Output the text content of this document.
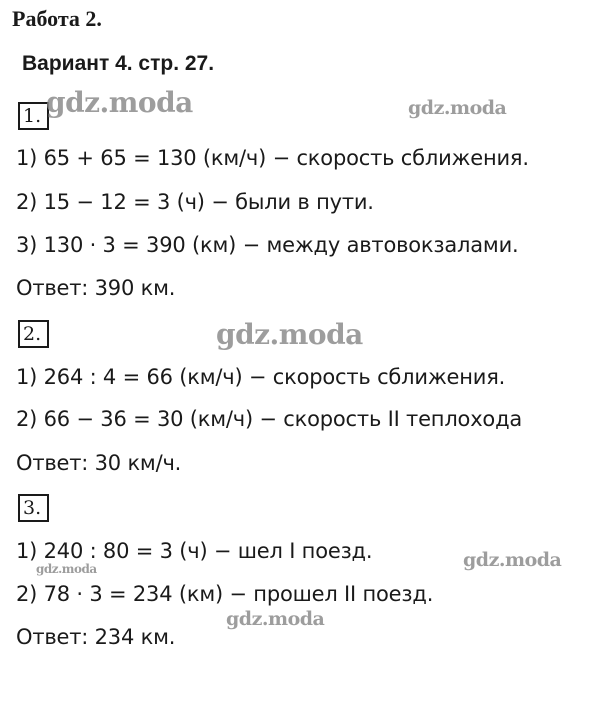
Работа 2.
Вариант 4. стр. 27.
1. gdz.moda	gdz.moda
1) 65 + 65 = 130 (км/ч) − скорость сближения.
2) 15 − 12 = 3 (ч) − были в пути.
3) 130 · 3 = 390 (км) − между автовокзалами.
Ответ: 390 км.
2.	gdz.moda
1) 264 : 4 = 66 (км/ч) − скорость сближения.
2) 66 − 36 = 30 (км/ч) − скорость II теплохода
Ответ: 30 км/ч.
3.
1) 240 : 80 = 3 (ч) − шел I поезд.
gdz.moda	gdz.moda
2) 78 · 3 = 234 (км) − прошел II поезд.
gdz.moda
Ответ: 234 км.
